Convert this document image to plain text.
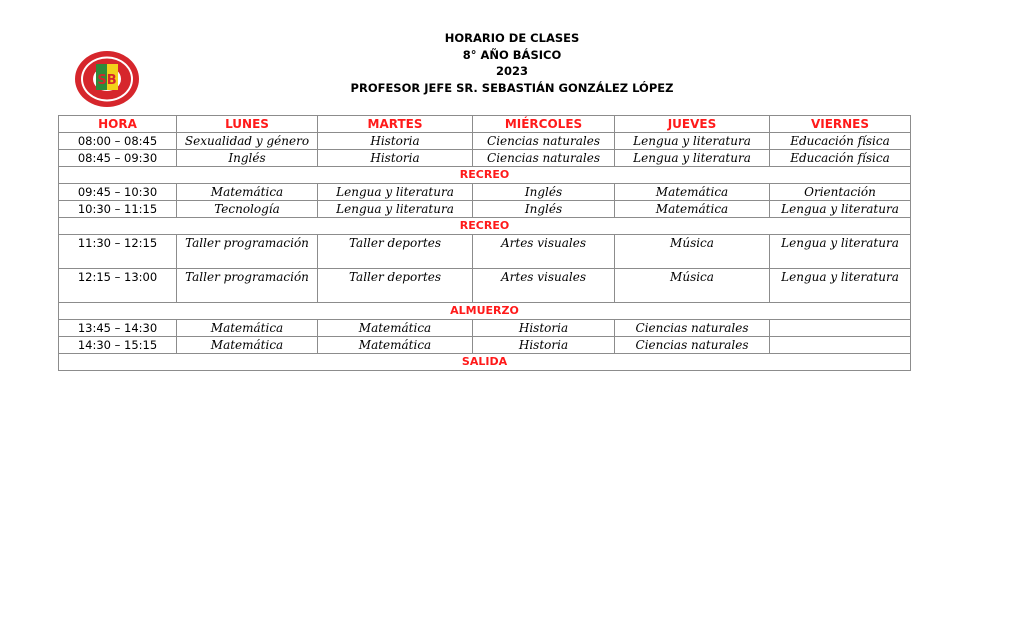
HORARIO DE CLASES
8° AÑO BÁSICO
2023
PROFESOR JEFE SR. SEBASTIÁN GONZÁLEZ LÓPEZ
SB
HORA	LUNES	MARTES	MIÉRCOLES	JUEVES	VIERNES
08:00 – 08:45	Sexualidad y género	Historia	Ciencias naturales	Lengua y literatura	Educación física
08:45 – 09:30	Inglés	Historia	Ciencias naturales	Lengua y literatura	Educación física
RECREO					
09:45 – 10:30	Matemática	Lengua y literatura	Inglés	Matemática	Orientación
10:30 – 11:15	Tecnología	Lengua y literatura	Inglés	Matemática	Lengua y literatura
RECREO					
11:30 – 12:15	Taller programación	Taller deportes	Artes visuales	Música	Lengua y literatura
12:15 – 13:00	Taller programación	Taller deportes	Artes visuales	Música	Lengua y literatura
ALMUERZO					
13:45 – 14:30	Matemática	Matemática	Historia	Ciencias naturales	
14:30 – 15:15	Matemática	Matemática	Historia	Ciencias naturales	
SALIDA					
